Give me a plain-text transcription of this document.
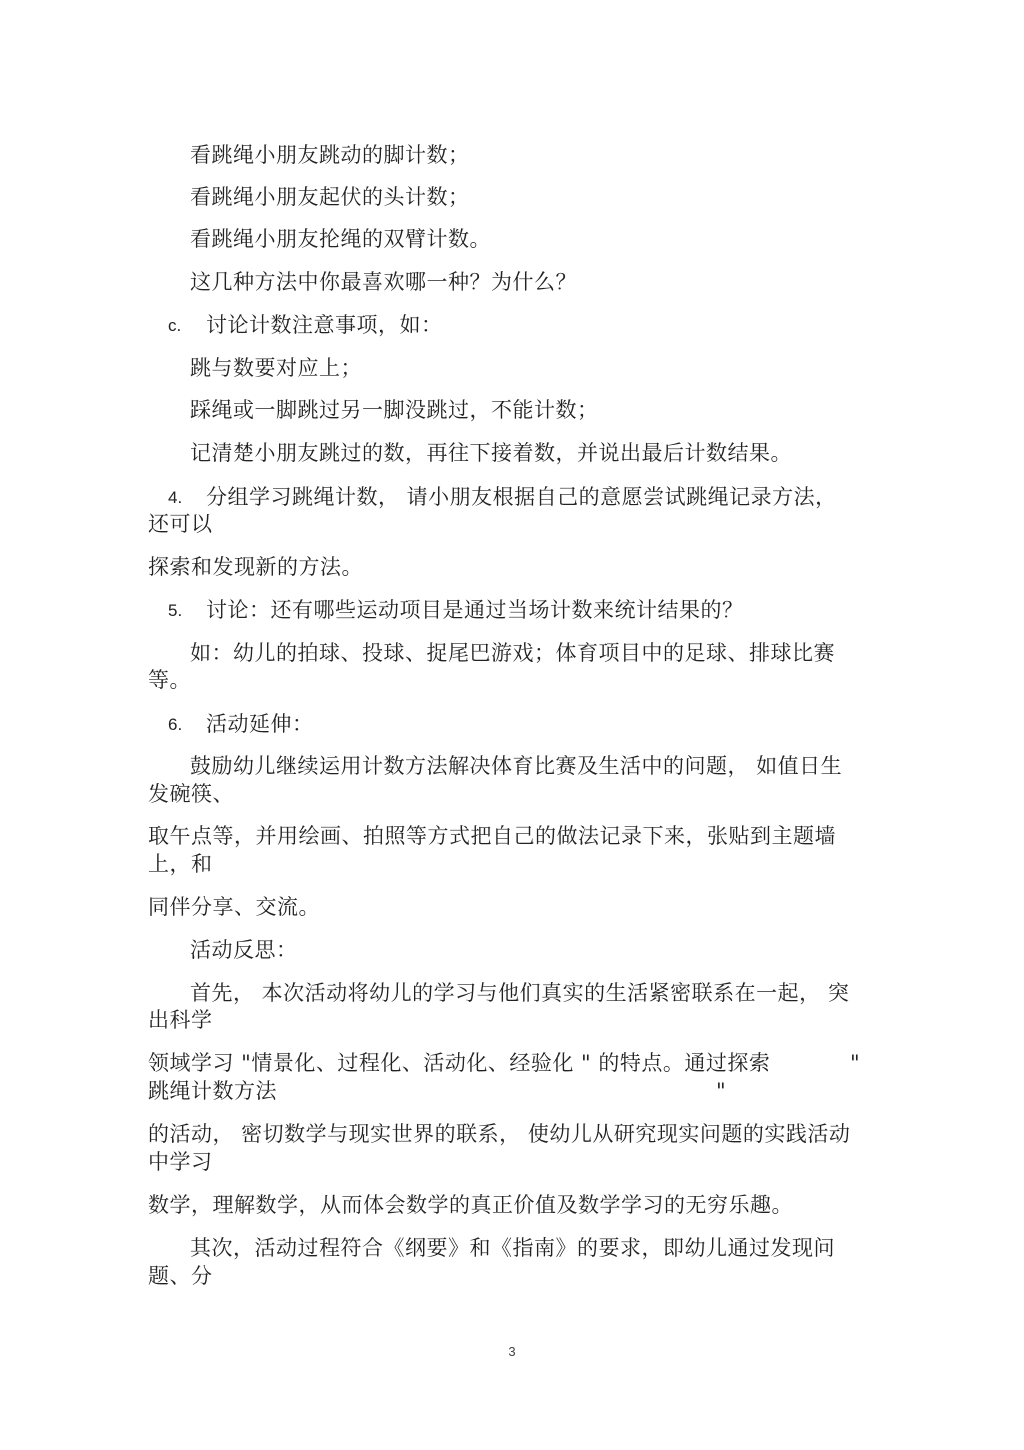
看跳绳小朋友跳动的脚计数；
看跳绳小朋友起伏的头计数；
看跳绳小朋友抡绳的双臂计数。
这几种方法中你最喜欢哪一种？为什么？
c. 讨论计数注意事项，如：
跳与数要对应上；
踩绳或一脚跳过另一脚没跳过，不能计数；
记清楚小朋友跳过的数，再往下接着数，并说出最后计数结果。
4. 分组学习跳绳计数， 请小朋友根据自己的意愿尝试跳绳记录方法，
还可以
探索和发现新的方法。
5. 讨论：还有哪些运动项目是通过当场计数来统计结果的？
如：幼儿的拍球、投球、捉尾巴游戏；体育项目中的足球、排球比赛
等。
6. 活动延伸：
鼓励幼儿继续运用计数方法解决体育比赛及生活中的问题， 如值日生
发碗筷、
取午点等，并用绘画、拍照等方式把自己的做法记录下来，张贴到主题墙
上，和
同伴分享、交流。
活动反思：
首先， 本次活动将幼儿的学习与他们真实的生活紧密联系在一起， 突
出科学
领域学习 "情景化、过程化、活动化、经验化 " 的特点。通过探索	"
跳绳计数方法	"
的活动， 密切数学与现实世界的联系， 使幼儿从研究现实问题的实践活动
中学习
数学，理解数学，从而体会数学的真正价值及数学学习的无穷乐趣。
其次，活动过程符合《纲要》和《指南》的要求，即幼儿通过发现问
题、分
3
